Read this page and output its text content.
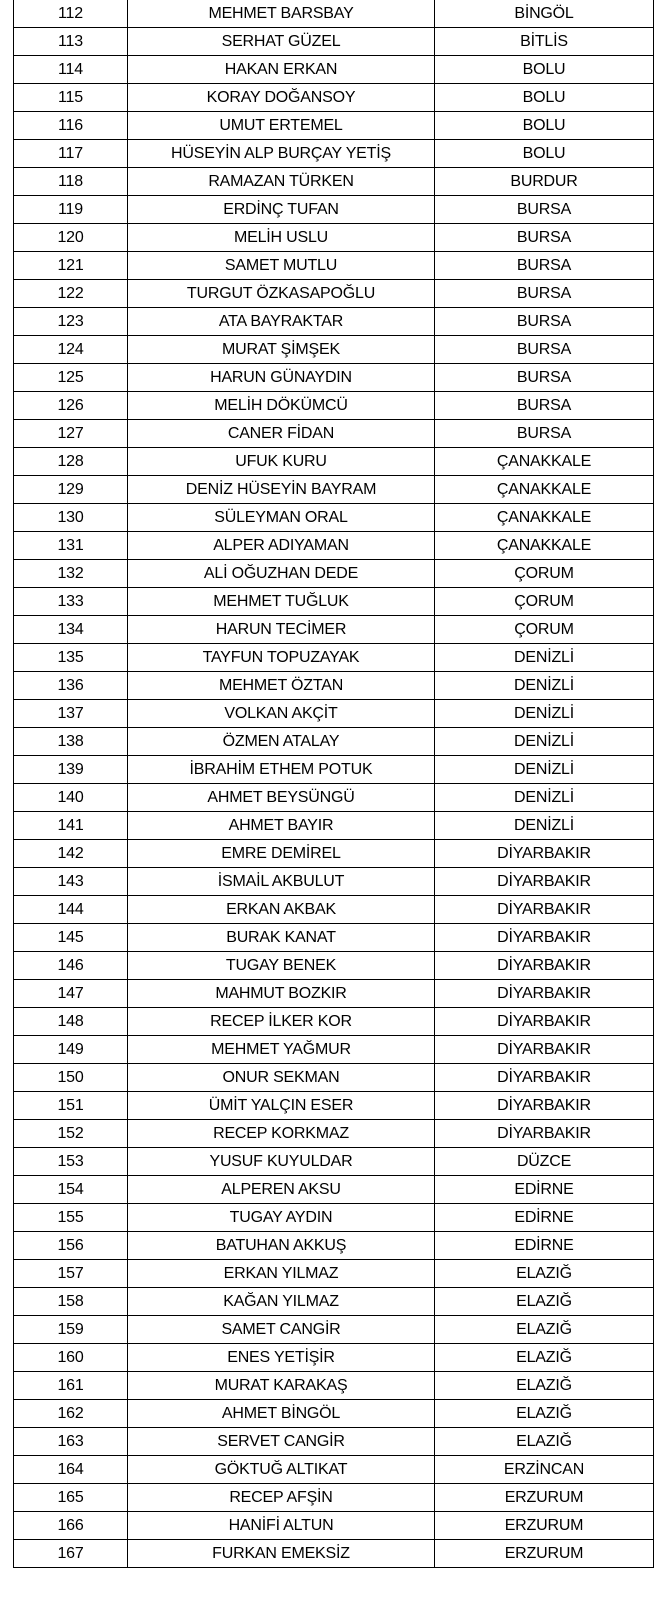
112	MEHMET BARSBAY	BİNGÖL
113	SERHAT GÜZEL	BİTLİS
114	HAKAN ERKAN	BOLU
115	KORAY DOĞANSOY	BOLU
116	UMUT ERTEMEL	BOLU
117	HÜSEYİN ALP BURÇAY YETİŞ	BOLU
118	RAMAZAN TÜRKEN	BURDUR
119	ERDİNÇ TUFAN	BURSA
120	MELİH USLU	BURSA
121	SAMET MUTLU	BURSA
122	TURGUT ÖZKASAPOĞLU	BURSA
123	ATA BAYRAKTAR	BURSA
124	MURAT ŞİMŞEK	BURSA
125	HARUN GÜNAYDIN	BURSA
126	MELİH DÖKÜMCÜ	BURSA
127	CANER FİDAN	BURSA
128	UFUK KURU	ÇANAKKALE
129	DENİZ HÜSEYİN BAYRAM	ÇANAKKALE
130	SÜLEYMAN ORAL	ÇANAKKALE
131	ALPER ADIYAMAN	ÇANAKKALE
132	ALİ OĞUZHAN DEDE	ÇORUM
133	MEHMET TUĞLUK	ÇORUM
134	HARUN TECİMER	ÇORUM
135	TAYFUN TOPUZAYAK	DENİZLİ
136	MEHMET ÖZTAN	DENİZLİ
137	VOLKAN AKÇİT	DENİZLİ
138	ÖZMEN ATALAY	DENİZLİ
139	İBRAHİM ETHEM POTUK	DENİZLİ
140	AHMET BEYSÜNGÜ	DENİZLİ
141	AHMET BAYIR	DENİZLİ
142	EMRE DEMİREL	DİYARBAKIR
143	İSMAİL AKBULUT	DİYARBAKIR
144	ERKAN AKBAK	DİYARBAKIR
145	BURAK KANAT	DİYARBAKIR
146	TUGAY BENEK	DİYARBAKIR
147	MAHMUT BOZKIR	DİYARBAKIR
148	RECEP İLKER KOR	DİYARBAKIR
149	MEHMET YAĞMUR	DİYARBAKIR
150	ONUR SEKMAN	DİYARBAKIR
151	ÜMİT YALÇIN ESER	DİYARBAKIR
152	RECEP KORKMAZ	DİYARBAKIR
153	YUSUF KUYULDAR	DÜZCE
154	ALPEREN AKSU	EDİRNE
155	TUGAY AYDIN	EDİRNE
156	BATUHAN AKKUŞ	EDİRNE
157	ERKAN YILMAZ	ELAZIĞ
158	KAĞAN YILMAZ	ELAZIĞ
159	SAMET CANGİR	ELAZIĞ
160	ENES YETİŞİR	ELAZIĞ
161	MURAT KARAKAŞ	ELAZIĞ
162	AHMET BİNGÖL	ELAZIĞ
163	SERVET CANGİR	ELAZIĞ
164	GÖKTUĞ ALTIKAT	ERZİNCAN
165	RECEP AFŞİN	ERZURUM
166	HANİFİ ALTUN	ERZURUM
167	FURKAN EMEKSİZ	ERZURUM
